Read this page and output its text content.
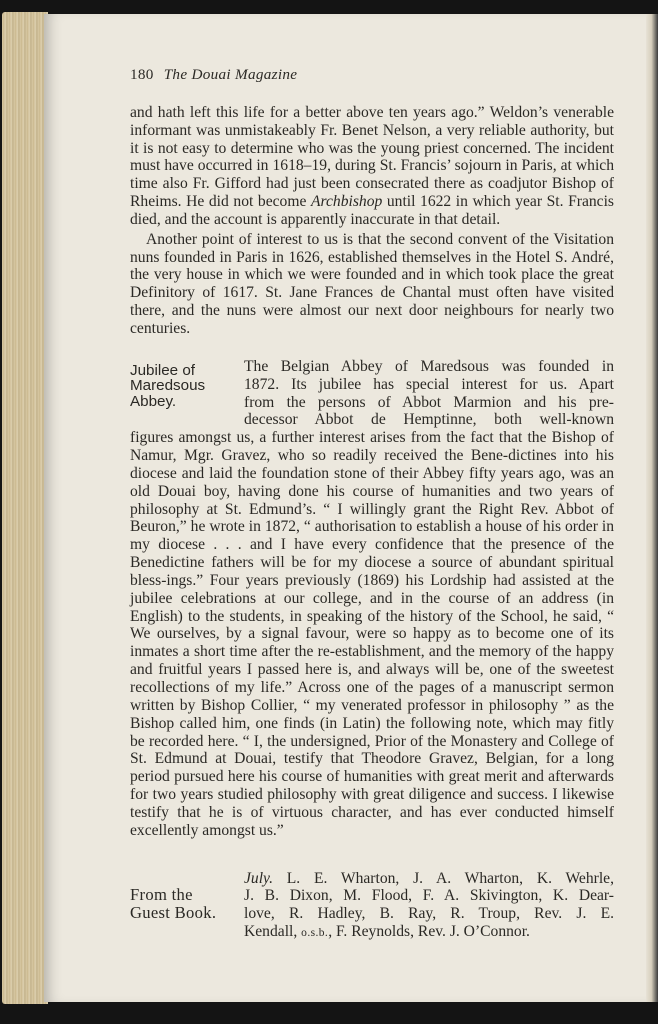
180 The Douai Magazine

and hath left this life for a better above ten years ago.” Weldon’s venerable informant was unmistakeably Fr. Benet Nelson, a very reliable authority, but it is not easy to determine who was the young priest concerned. The incident must have occurred in 1618–19, during St. Francis’ sojourn in Paris, at which time also Fr. Gifford had just been consecrated there as coadjutor Bishop of Rheims. He did not become Archbishop until 1622 in which year St. Francis died, and the account is apparently inaccurate in that detail.

Another point of interest to us is that the second convent of the Visitation nuns founded in Paris in 1626, established themselves in the Hotel S. André, the very house in which we were founded and in which took place the great Definitory of 1617. St. Jane Frances de Chantal must often have visited there, and the nuns were almost our next door neighbours for nearly two centuries.

Jubilee of
Maredsous
Abbey.

The Belgian Abbey of Maredsous was founded in

1872. Its jubilee has special interest for us. Apart

from the persons of Abbot Marmion and his pre-

decessor Abbot de Hemptinne, both well-known

figures amongst us, a further interest arises from the fact that the Bishop of Namur, Mgr. Gravez, who so readily received the Bene-dictines into his diocese and laid the foundation stone of their Abbey fifty years ago, was an old Douai boy, having done his course of humanities and two years of philosophy at St. Edmund’s. “ I willingly grant the Right Rev. Abbot of Beuron,” he wrote in 1872, “ authorisation to establish a house of his order in my diocese . . . and I have every confidence that the presence of the Benedictine fathers will be for my diocese a source of abundant spiritual bless-ings.” Four years previously (1869) his Lordship had assisted at the jubilee celebrations at our college, and in the course of an address (in English) to the students, in speaking of the history of the School, he said, “ We ourselves, by a signal favour, were so happy as to become one of its inmates a short time after the re-establishment, and the memory of the happy and fruitful years I passed here is, and always will be, one of the sweetest recollections of my life.” Across one of the pages of a manuscript sermon written by Bishop Collier, “ my venerated professor in philosophy ” as the Bishop called him, one finds (in Latin) the following note, which may fitly be recorded here. “ I, the undersigned, Prior of the Monastery and College of St. Edmund at Douai, testify that Theodore Gravez, Belgian, for a long period pursued here his course of humanities with great merit and afterwards for two years studied philosophy with great diligence and success. I likewise testify that he is of virtuous character, and has ever conducted himself excellently amongst us.”

From the
Guest Book.

July. L. E. Wharton, J. A. Wharton, K. Wehrle,

J. B. Dixon, M. Flood, F. A. Skivington, K. Dear-

love, R. Hadley, B. Ray, R. Troup, Rev. J. E.

Kendall, o.s.b., F. Reynolds, Rev. J. O’Connor.
